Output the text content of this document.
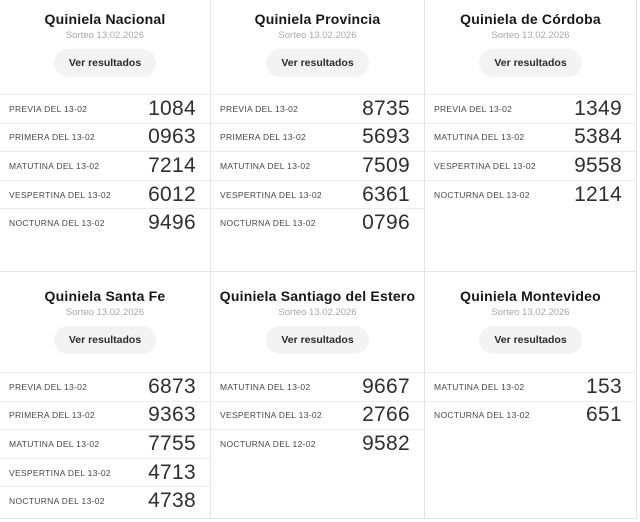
Quiniela Nacional
Sorteo 13.02.2026
Ver resultados
PREVIA DEL 13-02	1084
PRIMERA DEL 13-02	0963
MATUTINA DEL 13-02 7214
VESPERTINA DEL 13-02 6012
NOCTURNA DEL 13-02 9496
Quiniela Provincia
Sorteo 13.02.2026
Ver resultados
PREVIA DEL 13-02	8735
PRIMERA DEL 13-02	5693
MATUTINA DEL 13-02 7509
VESPERTINA DEL 13-02 6361
NOCTURNA DEL 13-02 0796
Quiniela de Córdoba
Sorteo 13.02.2026
Ver resultados
PREVIA DEL 13-02	1349
MATUTINA DEL 13-02 5384
VESPERTINA DEL 13-02 9558
NOCTURNA DEL 13-02 1214
Quiniela Santa Fe
Sorteo 13.02.2026
Ver resultados
PREVIA DEL 13-02	6873
PRIMERA DEL 13-02	9363
MATUTINA DEL 13-02 7755
VESPERTINA DEL 13-02 4713
NOCTURNA DEL 13-02 4738
Quiniela Santiago del Estero
Sorteo 13.02.2026
Ver resultados
MATUTINA DEL 13-02 9667
VESPERTINA DEL 13-02 2766
NOCTURNA DEL 12-02 9582
Quiniela Montevideo
Sorteo 13.02.2026
Ver resultados
MATUTINA DEL 13-02	153
NOCTURNA DEL 13-02	651
